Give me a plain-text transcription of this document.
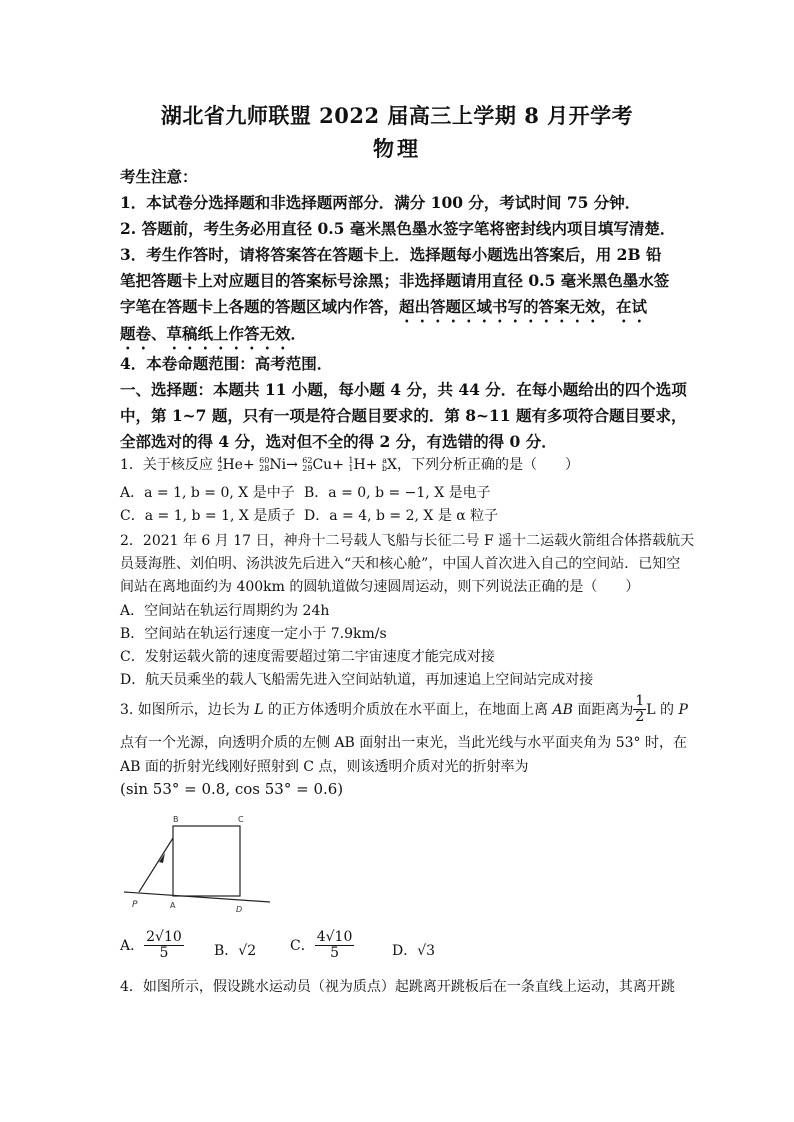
湖北省九师联盟 2022 届高三上学期 8 月开学考
物理
考生注意：
1．本试卷分选择题和非选择题两部分．满分 100 分，考试时间 75 分钟．
2. 答题前，考生务必用直径 0.5 毫米黑色墨水签字笔将密封线内项目填写清楚．
3．考生作答时，请将答案答在答题卡上．选择题每小题选出答案后，用 2B 铅
笔把答题卡上对应题目的答案标号涂黑；非选择题请用直径 0.5 毫米黑色墨水签
字笔在答题卡上各题的答题区域内作答，超出答题区域书写的答案无效，在试
题卷、草稿纸上作答无效．
4．本卷命题范围：高考范围．
一、选择题：本题共 11 小题，每小题 4 分，共 44 分．在每小题给出的四个选项
中，第 1~7 题，只有一项是符合题目要求的．第 8~11 题有多项符合题目要求，
全部选对的得 4 分，选对但不全的得 2 分，有选错的得 0 分．
1．关于核反应 4
2 He+ 60
28 Ni→ 62
29 Cu+ 1
1 H+ a
b X，下列分析正确的是（　　）
A．a = 1, b = 0, X 是中子 B．a = 0, b = −1, X 是电子
C．a = 1, b = 1, X 是质子 D．a = 4, b = 2, X 是 α 粒子
2．2021 年 6 月 17 日，神舟十二号载人飞船与长征二号 F 遥十二运载火箭组合体搭载航天
员聂海胜、刘伯明、汤洪波先后进入“天和核心舱”，中国人首次进入自己的空间站．已知空
间站在离地面约为 400km 的圆轨道做匀速圆周运动，则下列说法正确的是（　　）
A．空间站在轨运行周期约为 24h
B．空间站在轨运行速度一定小于 7.9km/s
C．发射运载火箭的速度需要超过第二宇宙速度才能完成对接
D．航天员乘坐的载人飞船需先进入空间站轨道，再加速追上空间站完成对接
3. 如图所示，边长为 L 的正方体透明介质放在水平面上，在地面上离 AB 面距离为 $\frac{1}{2}$ L 的 P
点有一个光源，向透明介质的左侧 AB 面射出一束光，当此光线与水平面夹角为 53° 时，在
AB 面的折射光线刚好照射到 C 点，则该透明介质对光的折射率为
(sin 53° = 0.8, cos 53° = 0.6)
B	C
P	A	D
A． $\frac{2√10}{5}$ B．√2 C． $\frac{4√10}{5}$	D．√3
4．如图所示，假设跳水运动员（视为质点）起跳离开跳板后在一条直线上运动，其离开跳
